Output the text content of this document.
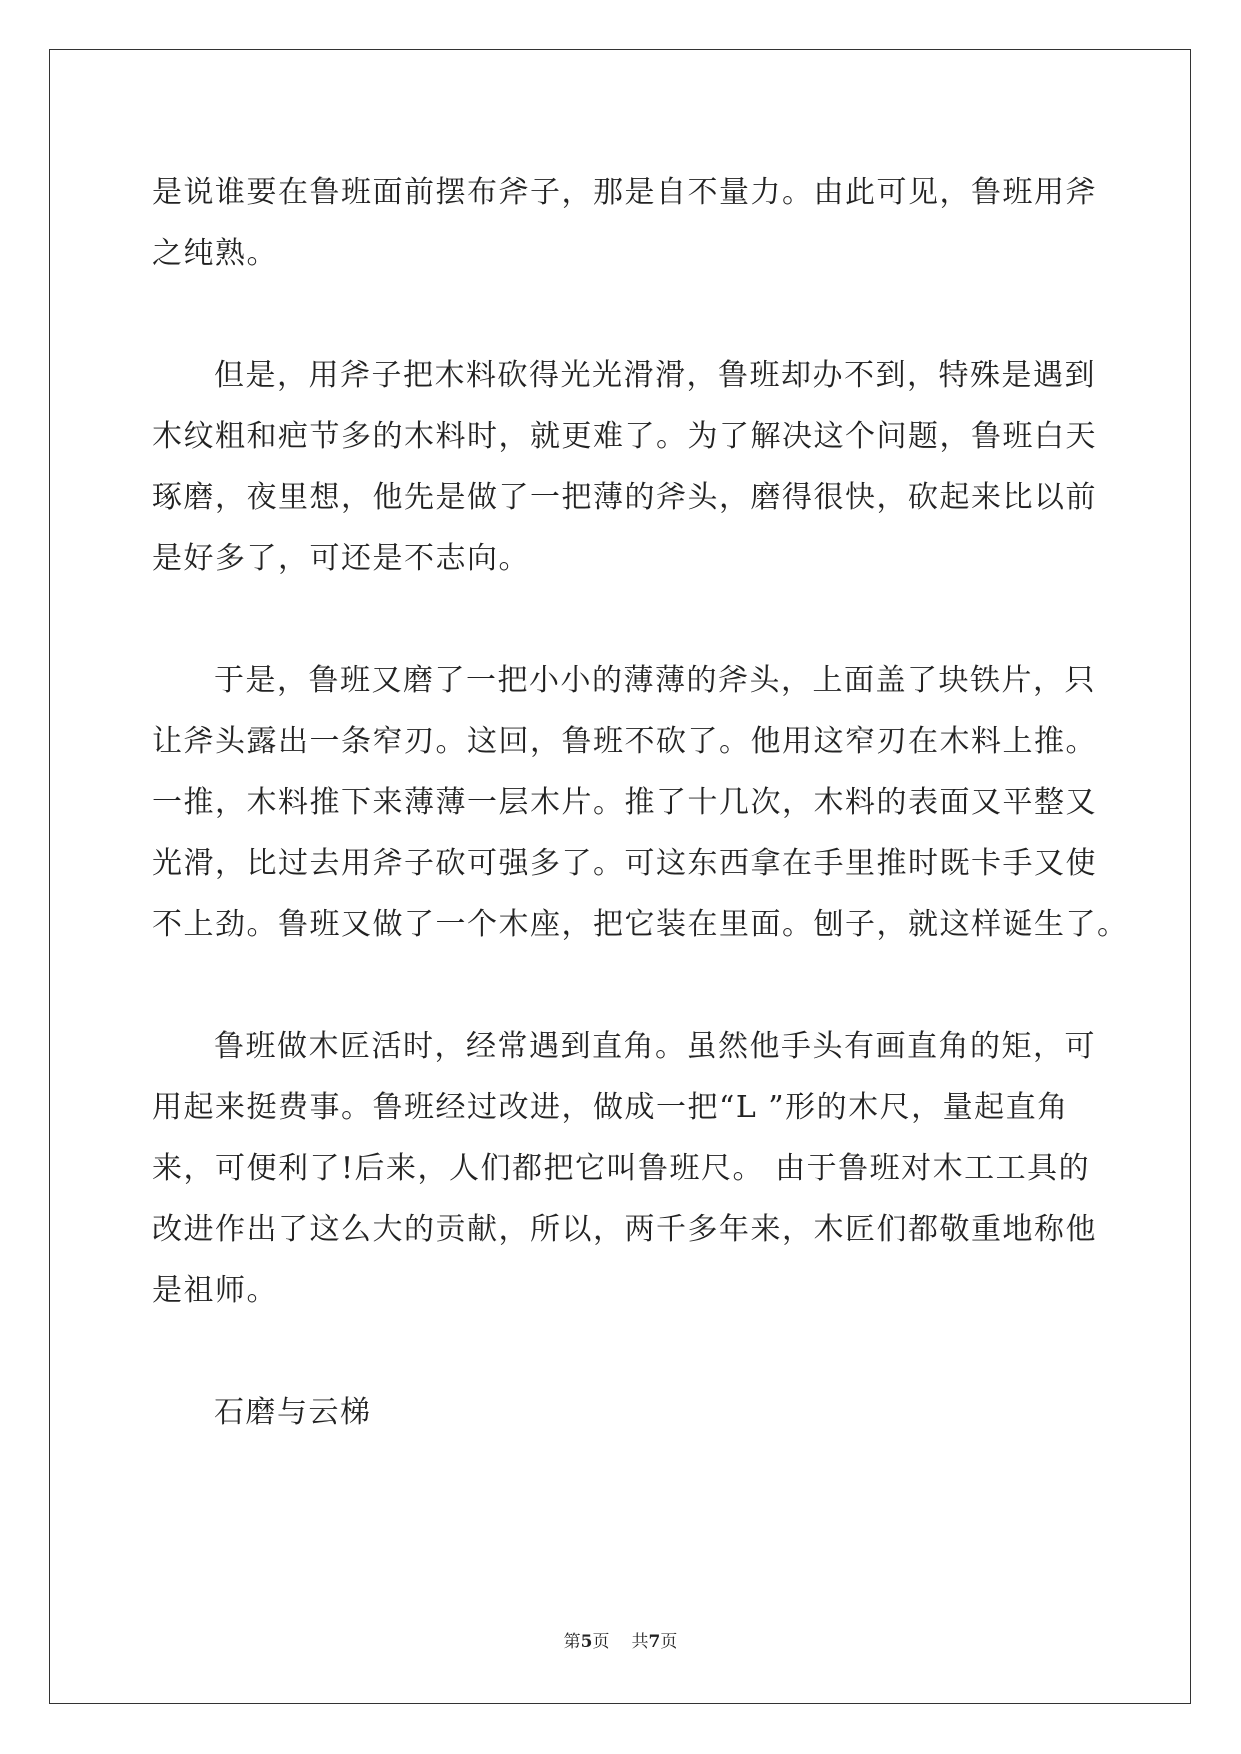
是说谁要在鲁班面前摆布斧子，那是自不量力。由此可见，鲁班用斧
之纯熟。
但是，用斧子把木料砍得光光滑滑，鲁班却办不到，特殊是遇到
木纹粗和疤节多的木料时，就更难了。为了解决这个问题，鲁班白天
琢磨，夜里想，他先是做了一把薄的斧头，磨得很快，砍起来比以前
是好多了，可还是不志向。
于是，鲁班又磨了一把小小的薄薄的斧头，上面盖了块铁片，只
让斧头露出一条窄刃。这回，鲁班不砍了。他用这窄刃在木料上推。
一推，木料推下来薄薄一层木片。推了十几次，木料的表面又平整又
光滑，比过去用斧子砍可强多了。可这东西拿在手里推时既卡手又使
不上劲。鲁班又做了一个木座，把它装在里面。刨子，就这样诞生了。
鲁班做木匠活时，经常遇到直角。虽然他手头有画直角的矩，可
用起来挺费事。鲁班经过改进，做成一把“L ”形的木尺，量起直角
来，可便利了!后来，人们都把它叫鲁班尺。 由于鲁班对木工工具的
改进作出了这么大的贡献，所以，两千多年来，木匠们都敬重地称他
是祖师。
石磨与云梯
第5页 共7页
